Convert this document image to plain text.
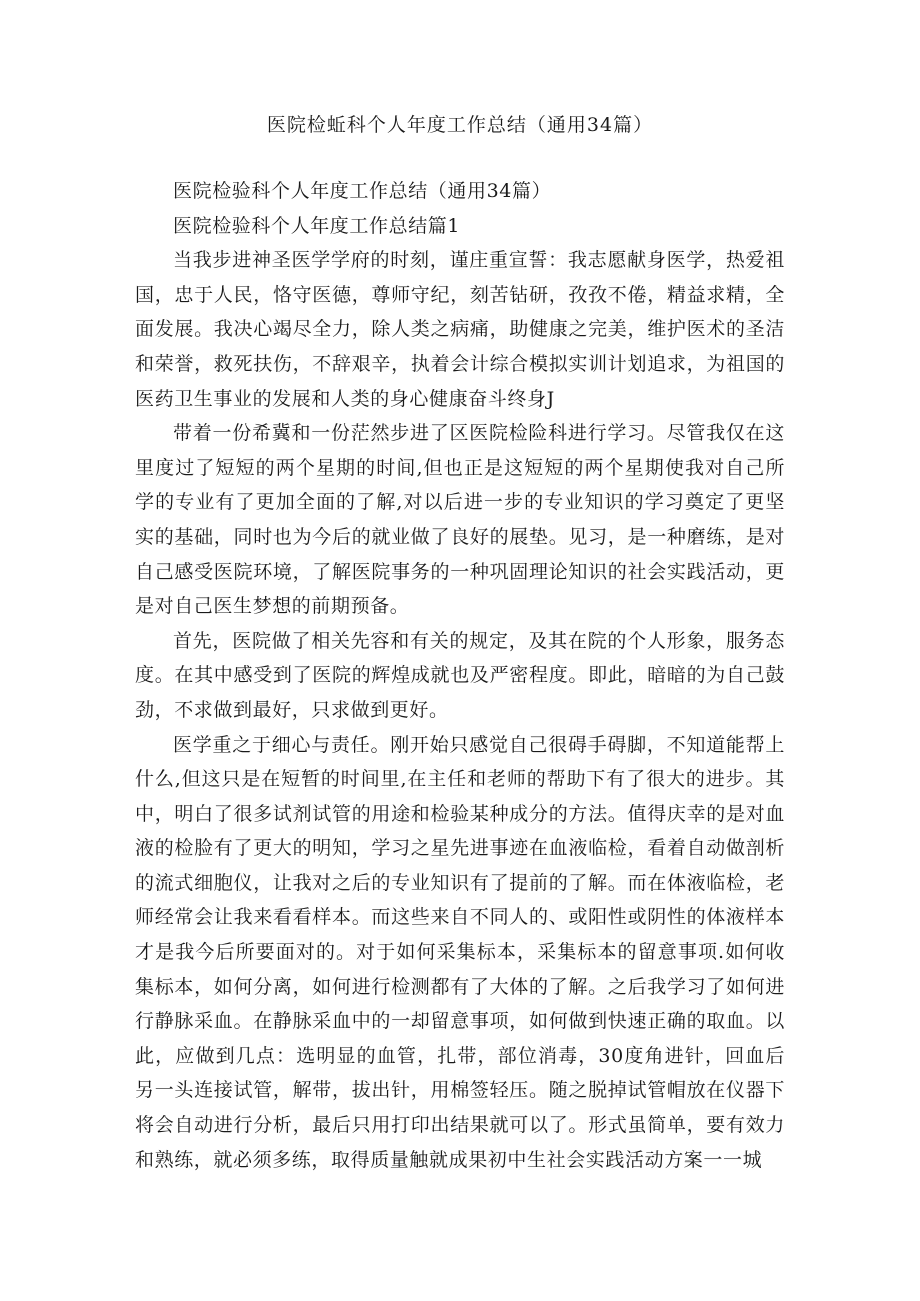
医院检蚯科个人年度工作总结（通用34篇）

医院检验科个人年度工作总结（通用34篇）

医院检验科个人年度工作总结篇1

当我步进神圣医学学府的时刻，谨庄重宣誓：我志愿献身医学，热爱祖国，忠于人民，恪守医德，尊师守纪，刻苦钻研，孜孜不倦，精益求精，全面发展。我决心竭尽全力，除人类之病痛，助健康之完美，维护医术的圣洁和荣誉，救死扶伤，不辞艰辛，执着会计综合模拟实训计划追求，为祖国的医药卫生事业的发展和人类的身心健康奋斗终身J

带着一份希冀和一份茫然步进了区医院检险科进行学习。尽管我仅在这里度过了短短的两个星期的时间,但也正是这短短的两个星期使我对自己所学的专业有了更加全面的了解,对以后进一步的专业知识的学习奠定了更坚实的基础，同时也为今后的就业做了良好的展垫。见习，是一种磨练，是对自己感受医院环境，了解医院事务的一种巩固理论知识的社会实践活动，更是对自己医生梦想的前期预备。

首先，医院做了相关先容和有关的规定，及其在院的个人形象，服务态度。在其中感受到了医院的辉煌成就也及严密程度。即此，暗暗的为自己鼓劲，不求做到最好，只求做到更好。

医学重之于细心与责任。刚开始只感觉自己很碍手碍脚，不知道能帮上什么,但这只是在短暂的时间里,在主任和老师的帮助下有了很大的进步。其中，明白了很多试剂试管的用途和检验某种成分的方法。值得庆幸的是对血液的检脸有了更大的明知，学习之星先进事迹在血液临检，看着自动做剖析的流式细胞仪，让我对之后的专业知识有了提前的了解。而在体液临检，老师经常会让我来看看样本。而这些来自不同人的、或阳性或阴性的体液样本才是我今后所要面对的。对于如何采集标本，采集标本的留意事项.如何收集标本，如何分离，如何进行检测都有了大体的了解。之后我学习了如何进行静脉采血。在静脉采血中的一却留意事项，如何做到快速正确的取血。以此，应做到几点：选明显的血管，扎带，部位消毒，30度角进针，回血后另一头连接试管，解带，拔出针，用棉签轻压。随之脱掉试管帽放在仪器下将会自动进行分析，最后只用打印出结果就可以了。形式虽简单，要有效力和熟练，就必须多练，取得质量触就成果初中生社会实践活动方案一一城
